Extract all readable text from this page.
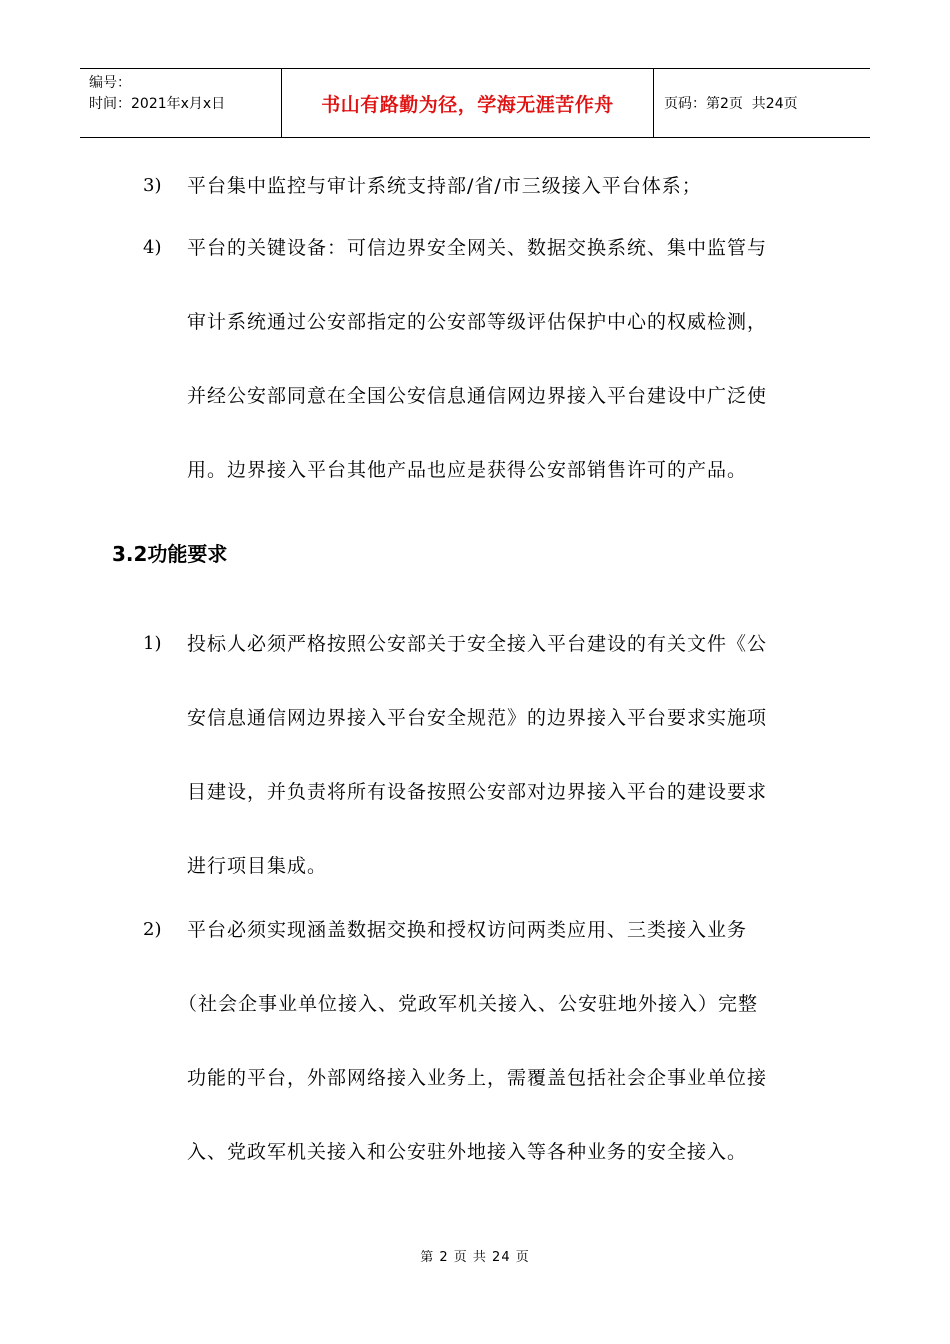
编号：
时间：2021年x月x日	书山有路勤为径，学海无涯苦作舟	页码：第2页  共24页
3) 平台集中监控与审计系统支持部/省/市三级接入平台体系；
4) 平台的关键设备：可信边界安全网关、数据交换系统、集中监管与
审计系统通过公安部指定的公安部等级评估保护中心的权威检测，
并经公安部同意在全国公安信息通信网边界接入平台建设中广泛使
用。边界接入平台其他产品也应是获得公安部销售许可的产品。
3.2功能要求
1) 投标人必须严格按照公安部关于安全接入平台建设的有关文件《公
安信息通信网边界接入平台安全规范》的边界接入平台要求实施项
目建设，并负责将所有设备按照公安部对边界接入平台的建设要求
进行项目集成。
2) 平台必须实现涵盖数据交换和授权访问两类应用、三类接入业务
（社会企事业单位接入、党政军机关接入、公安驻地外接入）完整
功能的平台，外部网络接入业务上，需覆盖包括社会企事业单位接
入、党政军机关接入和公安驻外地接入等各种业务的安全接入。
第 2 页 共 24 页
